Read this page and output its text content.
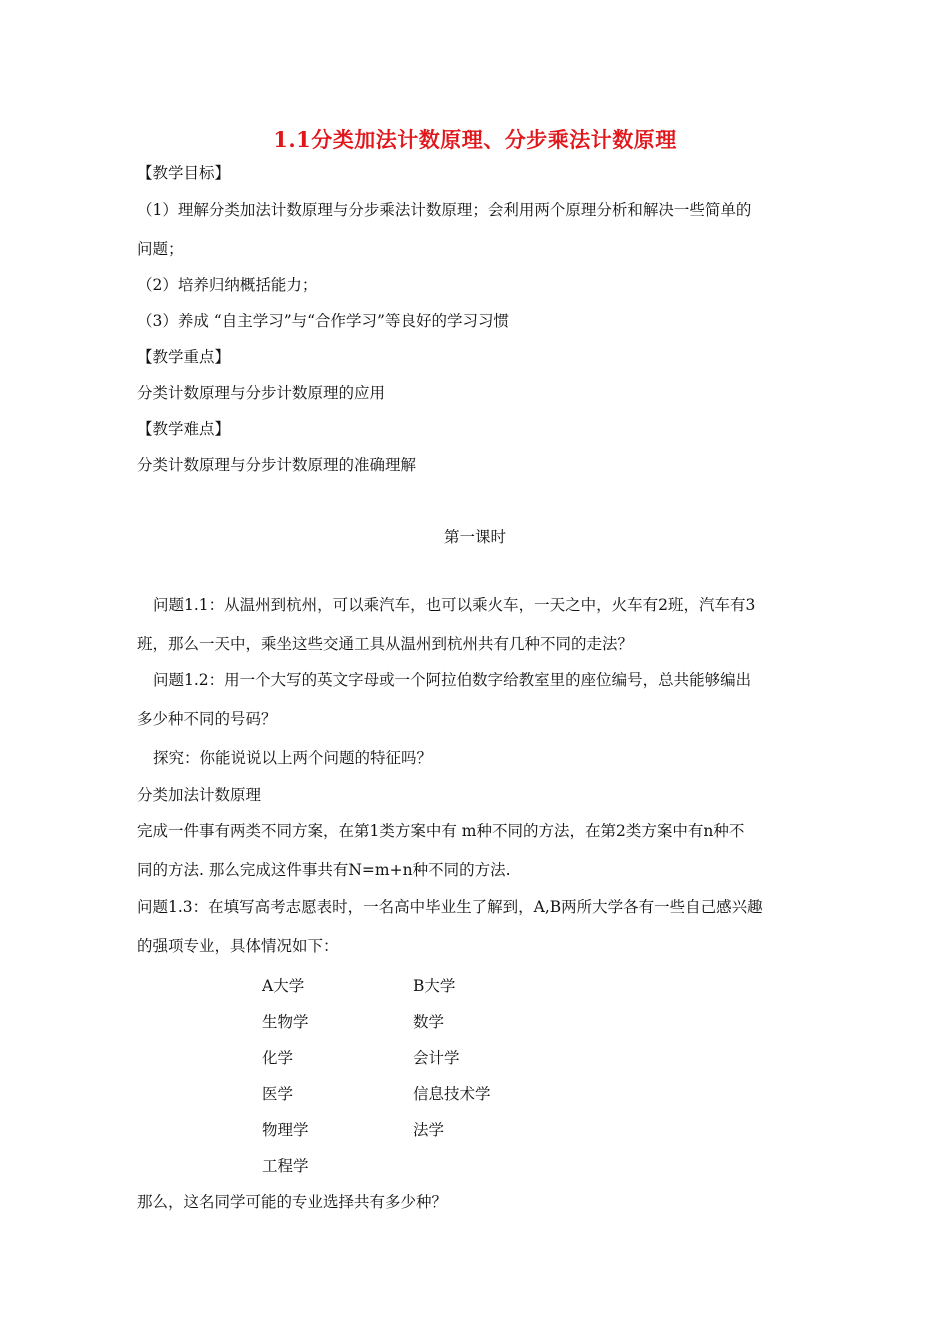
1.1分类加法计数原理、分步乘法计数原理
【教学目标】
（1）理解分类加法计数原理与分步乘法计数原理；会利用两个原理分析和解决一些简单的
问题；
（2）培养归纳概括能力；
（3）养成 “自主学习”与“合作学习”等良好的学习习惯
【教学重点】
分类计数原理与分步计数原理的应用
【教学难点】
分类计数原理与分步计数原理的准确理解
第一课时
问题1.1：从温州到杭州，可以乘汽车，也可以乘火车，一天之中，火车有2班，汽车有3
班，那么一天中，乘坐这些交通工具从温州到杭州共有几种不同的走法？
问题1.2：用一个大写的英文字母或一个阿拉伯数字给教室里的座位编号，总共能够编出
多少种不同的号码？
探究：你能说说以上两个问题的特征吗？
分类加法计数原理
完成一件事有两类不同方案，在第1类方案中有 m种不同的方法，在第2类方案中有n种不
同的方法. 那么完成这件事共有N=m+n种不同的方法.
问题1.3：在填写高考志愿表时，一名高中毕业生了解到，A,B两所大学各有一些自己感兴趣
的强项专业，具体情况如下：
A大学	B大学
生物学	数学
化学	会计学
医学	信息技术学
物理学	法学
工程学
那么，这名同学可能的专业选择共有多少种？
